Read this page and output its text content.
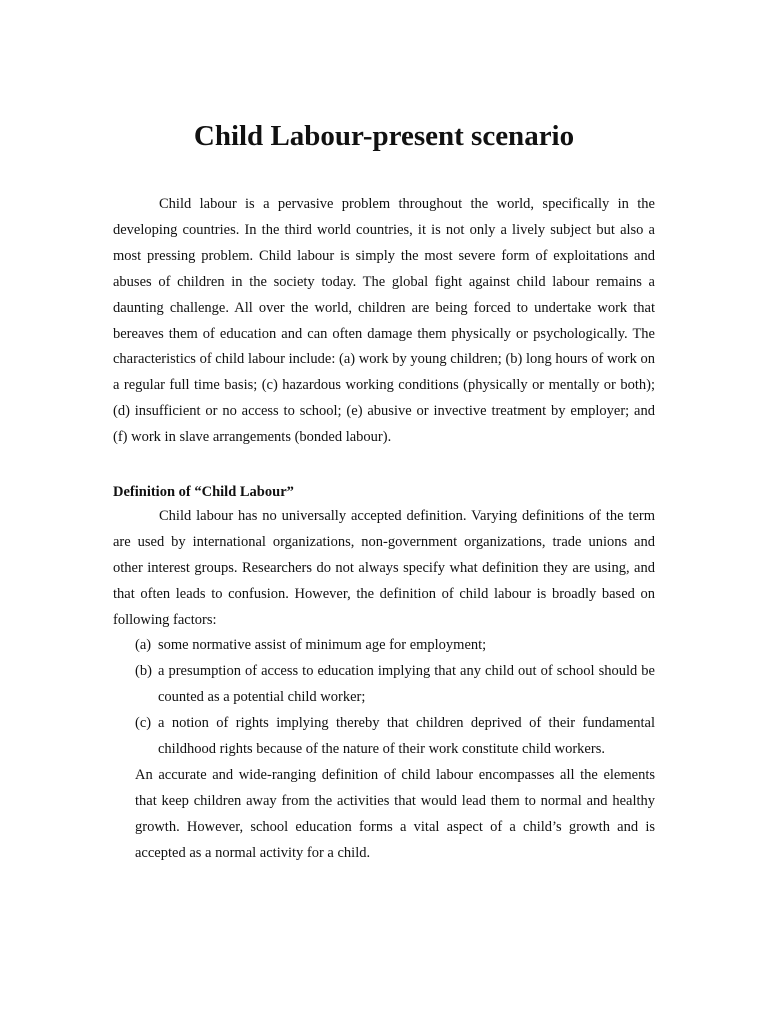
Child Labour-present scenario

Child labour is a pervasive problem throughout the world, specifically in the developing countries. In the third world countries, it is not only a lively subject but also a most pressing problem. Child labour is simply the most severe form of exploitations and abuses of children in the society today. The global fight against child labour remains a daunting challenge. All over the world, children are being forced to undertake work that bereaves them of education and can often damage them physically or psychologically. The characteristics of child labour include: (a) work by young children; (b) long hours of work on a regular full time basis; (c) hazardous working conditions (physically or mentally or both); (d) insufficient or no access to school; (e) abusive or invective treatment by employer; and (f) work in slave arrangements (bonded labour).

Definition of “Child Labour”

Child labour has no universally accepted definition. Varying definitions of the term are used by international organizations, non-government organizations, trade unions and other interest groups. Researchers do not always specify what definition they are using, and that often leads to confusion. However, the definition of child labour is broadly based on following factors:

(a) some normative assist of minimum age for employment;
(b) a presumption of access to education implying that any child out of school should be counted as a potential child worker;
(c) a notion of rights implying thereby that children deprived of their fundamental childhood rights because of the nature of their work constitute child workers.

An accurate and wide-ranging definition of child labour encompasses all the elements that keep children away from the activities that would lead them to normal and healthy growth. However, school education forms a vital aspect of a child’s growth and is accepted as a normal activity for a child.
